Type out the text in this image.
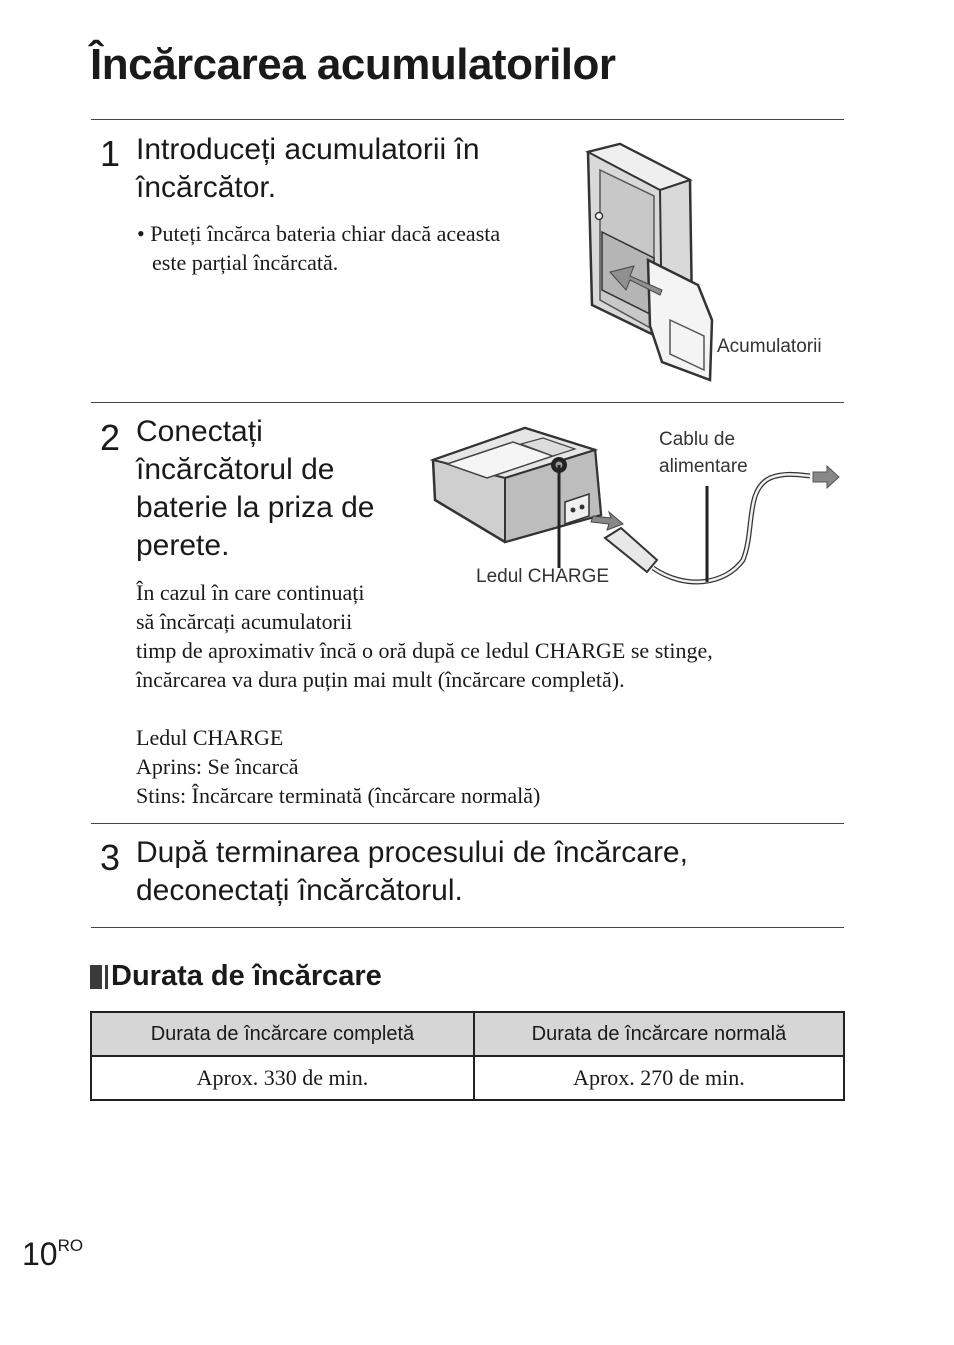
Încărcarea acumulatorilor
1 Introduceți acumulatorii în
încărcător.
• Puteți încărca bateria chiar dacă aceasta
este parțial încărcată.
Acumulatorii
2 Conectați
încărcătorul de
baterie la priza de
perete.
Cablu de
alimentare
Ledul CHARGE
În cazul în care continuați
să încărcați acumulatorii
timp de aproximativ încă o oră după ce ledul CHARGE se stinge,
încărcarea va dura puțin mai mult (încărcare completă).
Ledul CHARGE
Aprins: Se încarcă
Stins: Încărcare terminată (încărcare normală)
3 După terminarea procesului de încărcare,
deconectați încărcătorul.
Durata de încărcare
Durata de încărcare completă	Durata de încărcare normală
Aprox. 330 de min.	Aprox. 270 de min.
$10^{RO}$
